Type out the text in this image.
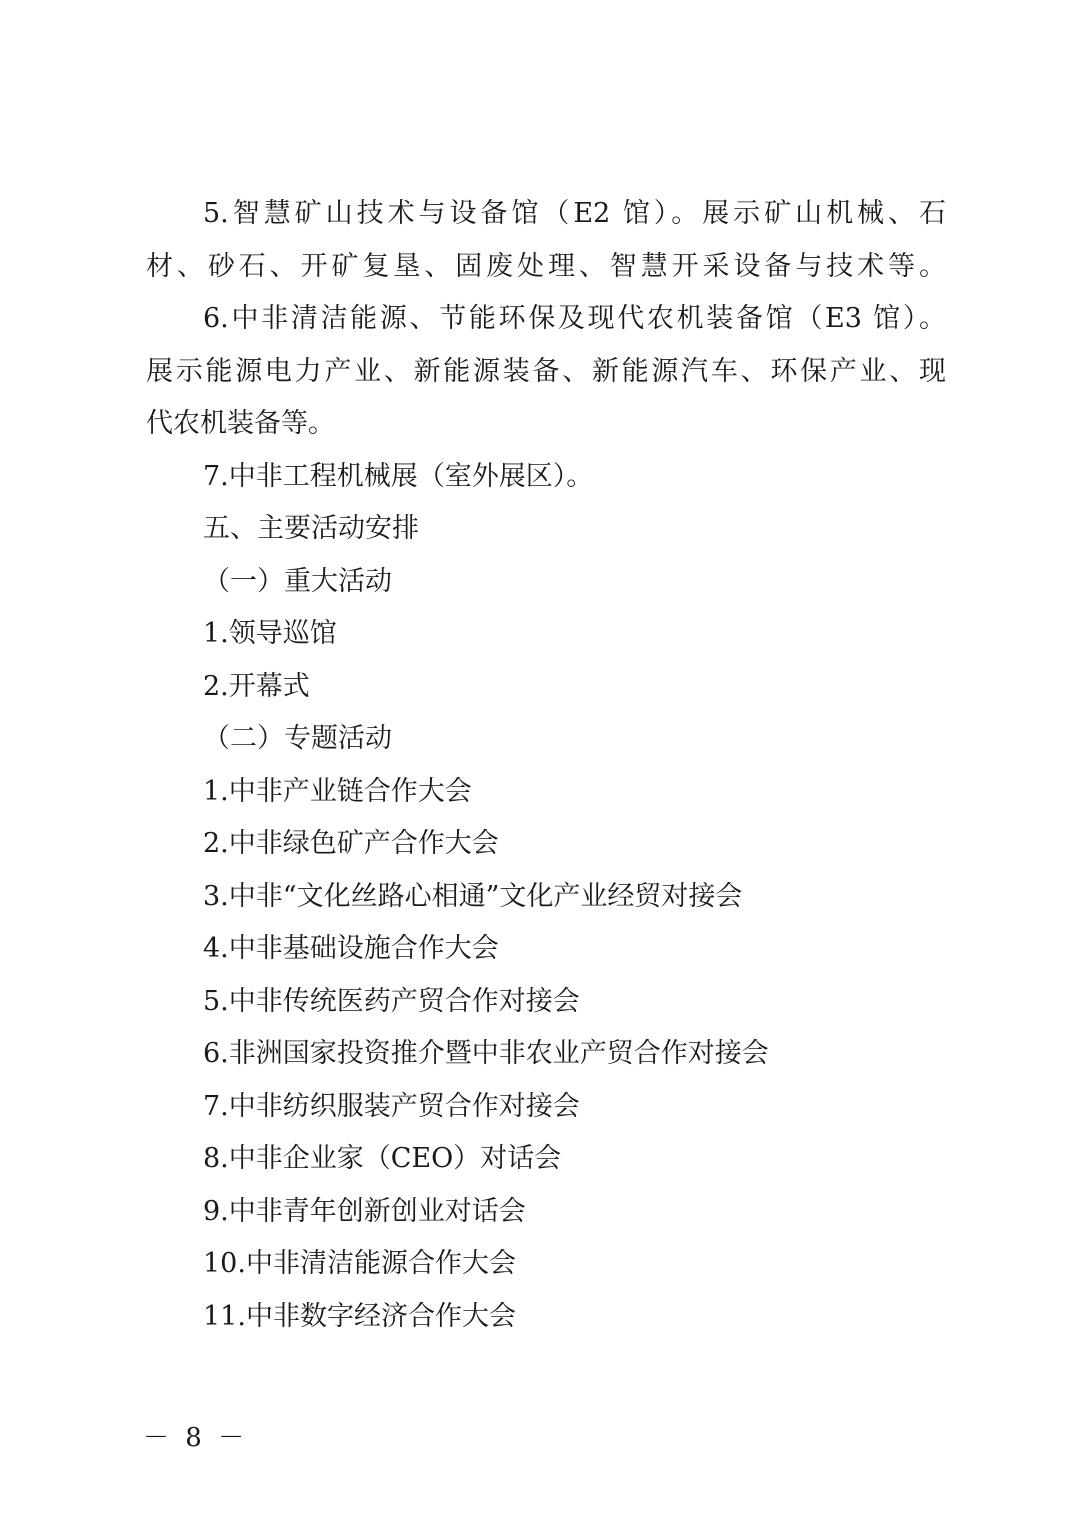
5.智慧矿山技术与设备馆（E2 馆）。展示矿山机械、石

材、砂石、开矿复垦、固废处理、智慧开采设备与技术等。

6.中非清洁能源、节能环保及现代农机装备馆（E3 馆）。

展示能源电力产业、新能源装备、新能源汽车、环保产业、现

代农机装备等。

7.中非工程机械展（室外展区）。

五、主要活动安排

（一）重大活动

1.领导巡馆

2.开幕式

（二）专题活动

1.中非产业链合作大会

2.中非绿色矿产合作大会

3.中非“文化丝路心相通”文化产业经贸对接会

4.中非基础设施合作大会

5.中非传统医药产贸合作对接会

6.非洲国家投资推介暨中非农业产贸合作对接会

7.中非纺织服装产贸合作对接会

8.中非企业家（CEO）对话会

9.中非青年创新创业对话会

10.中非清洁能源合作大会

11.中非数字经济合作大会

－ 8 －
